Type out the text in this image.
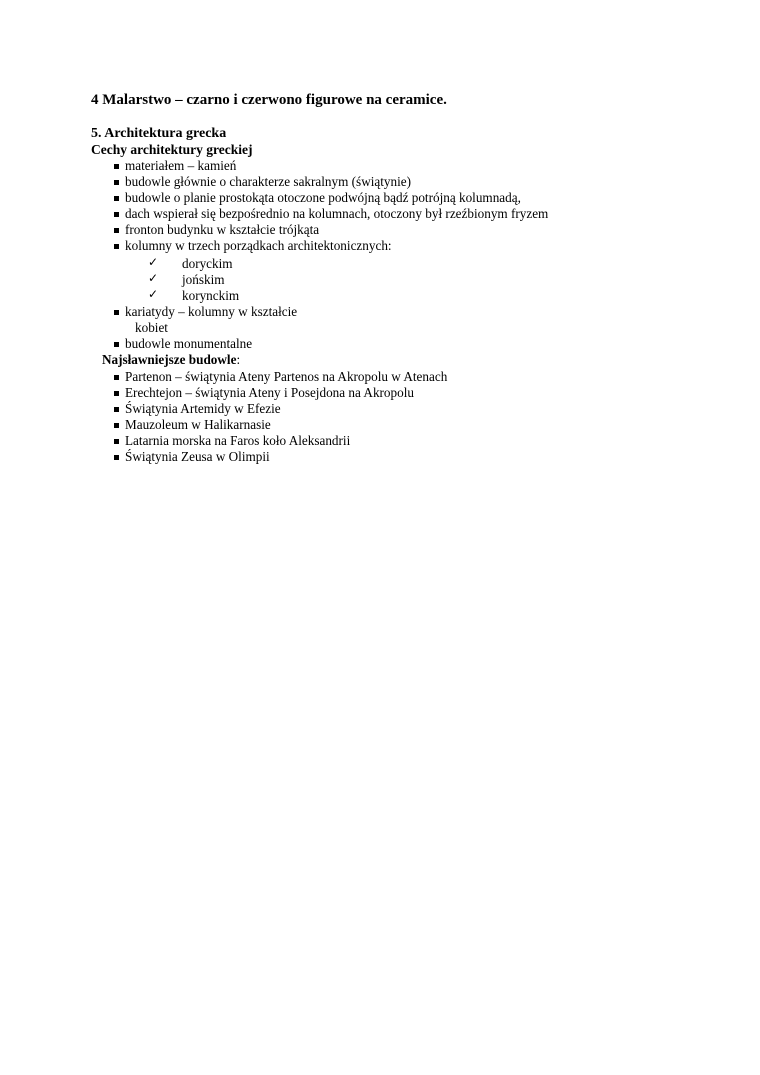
4 Malarstwo – czarno i czerwono figurowe na ceramice.
5. Architektura grecka
Cechy architektury greckiej
materiałem – kamień
budowle głównie o charakterze sakralnym (świątynie)
budowle o planie prostokąta otoczone podwójną bądź potrójną kolumnadą,
dach wspierał się bezpośrednio na kolumnach, otoczony był rzeźbionym fryzem
fronton budynku w kształcie trójkąta
kolumny w trzech porządkach architektonicznych:
✓ doryckim
✓ jońskim
✓ korynckim
kariatydy – kolumny w kształcie
kobiet
budowle monumentalne
Najsławniejsze budowle:
Partenon – świątynia Ateny Partenos na Akropolu w Atenach
Erechtejon – świątynia Ateny i Posejdona na Akropolu
Świątynia Artemidy w Efezie
Mauzoleum w Halikarnasie
Latarnia morska na Faros koło Aleksandrii
Świątynia Zeusa w Olimpii
